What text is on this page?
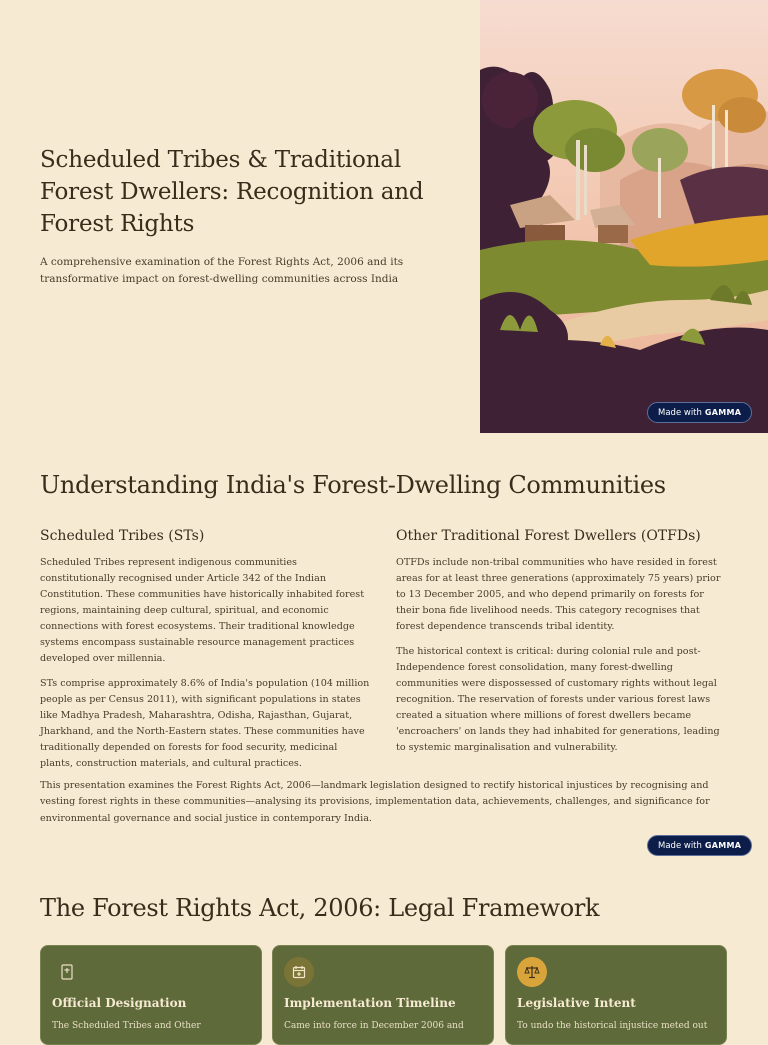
Scheduled Tribes & Traditional Forest Dwellers: Recognition and Forest Rights

A comprehensive examination of the Forest Rights Act, 2006 and its transformative impact on forest-dwelling communities across India

Made with GAMMA
Understanding India's Forest-Dwelling Communities
Scheduled Tribes (STs)

Scheduled Tribes represent indigenous communities constitutionally recognised under Article 342 of the Indian Constitution. These communities have historically inhabited forest regions, maintaining deep cultural, spiritual, and economic connections with forest ecosystems. Their traditional knowledge systems encompass sustainable resource management practices developed over millennia.

STs comprise approximately 8.6% of India's population (104 million people as per Census 2011), with significant populations in states like Madhya Pradesh, Maharashtra, Odisha, Rajasthan, Gujarat, Jharkhand, and the North-Eastern states. These communities have traditionally depended on forests for food security, medicinal plants, construction materials, and cultural practices.

Other Traditional Forest Dwellers (OTFDs)

OTFDs include non-tribal communities who have resided in forest areas for at least three generations (approximately 75 years) prior to 13 December 2005, and who depend primarily on forests for their bona fide livelihood needs. This category recognises that forest dependence transcends tribal identity.

The historical context is critical: during colonial rule and post-Independence forest consolidation, many forest-dwelling communities were dispossessed of customary rights without legal recognition. The reservation of forests under various forest laws created a situation where millions of forest dwellers became 'encroachers' on lands they had inhabited for generations, leading to systemic marginalisation and vulnerability.

This presentation examines the Forest Rights Act, 2006—landmark legislation designed to rectify historical injustices by recognising and vesting forest rights in these communities—analysing its provisions, implementation data, achievements, challenges, and significance for environmental governance and social justice in contemporary India.

Made with GAMMA
The Forest Rights Act, 2006: Legal Framework
Official Designation
The Scheduled Tribes and Other
Implementation Timeline
Came into force in December 2006 and
Legislative Intent
To undo the historical injustice meted out
